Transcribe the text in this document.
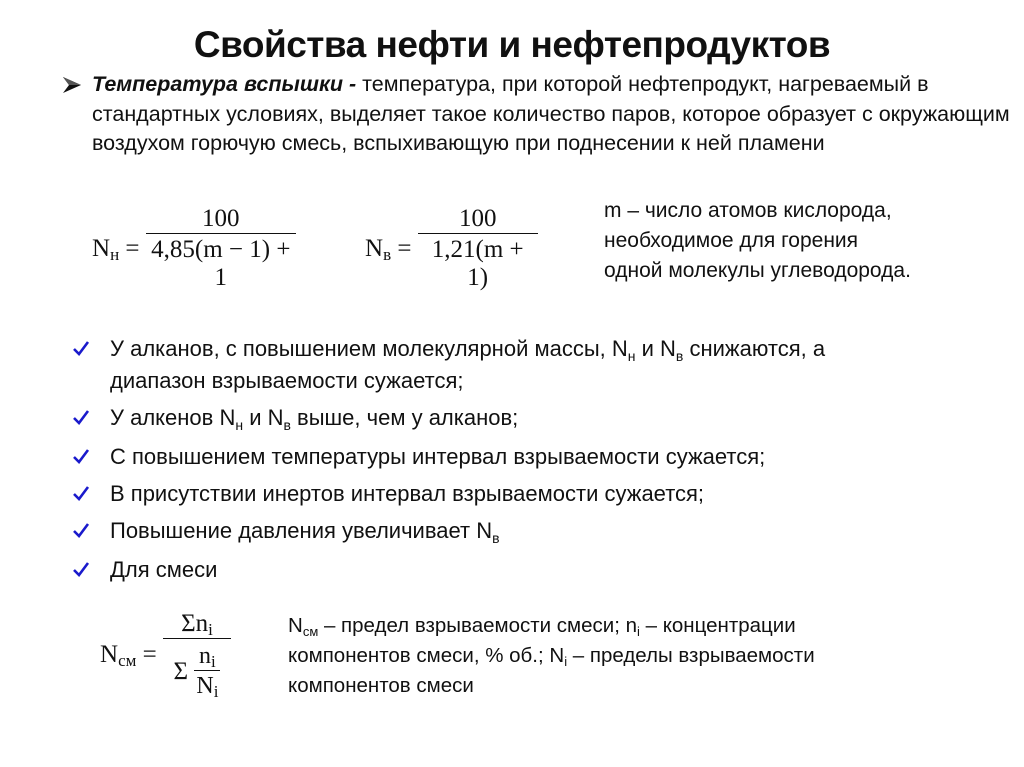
Свойства нефти и нефтепродуктов
Температура вспышки - температура, при которой нефтепродукт, нагреваемый в стандартных условиях, выделяет такое количество паров, которое образует с окружающим воздухом горючую смесь, вспыхивающую при поднесении к ней пламени
Nн = $\frac{100}{4,85(m - 1) + 1}$	Nв = $\frac{100}{1,21(m + 1)}$	m – число атомов кислорода,
необходимое для горения
одной молекулы углеводорода.
У алканов, с повышением молекулярной массы, $N_н$ и $N_в$ снижаются, а диапазон взрываемости сужается;
У алкенов $N_н$ и $N_в$ выше, чем у алканов;
С повышением температуры интервал взрываемости сужается;
В присутствии инертов интервал взрываемости сужается;
Повышение давления увеличивает $N_в$
Для смеси
Nсм = $\frac{\text{Σni}}{\Sigma \frac{ni}{Ni}}$	Nсм – предел взрываемости смеси; ni – концентрации
компонентов смеси, % об.; Ni – пределы взрываемости
компонентов смеси
